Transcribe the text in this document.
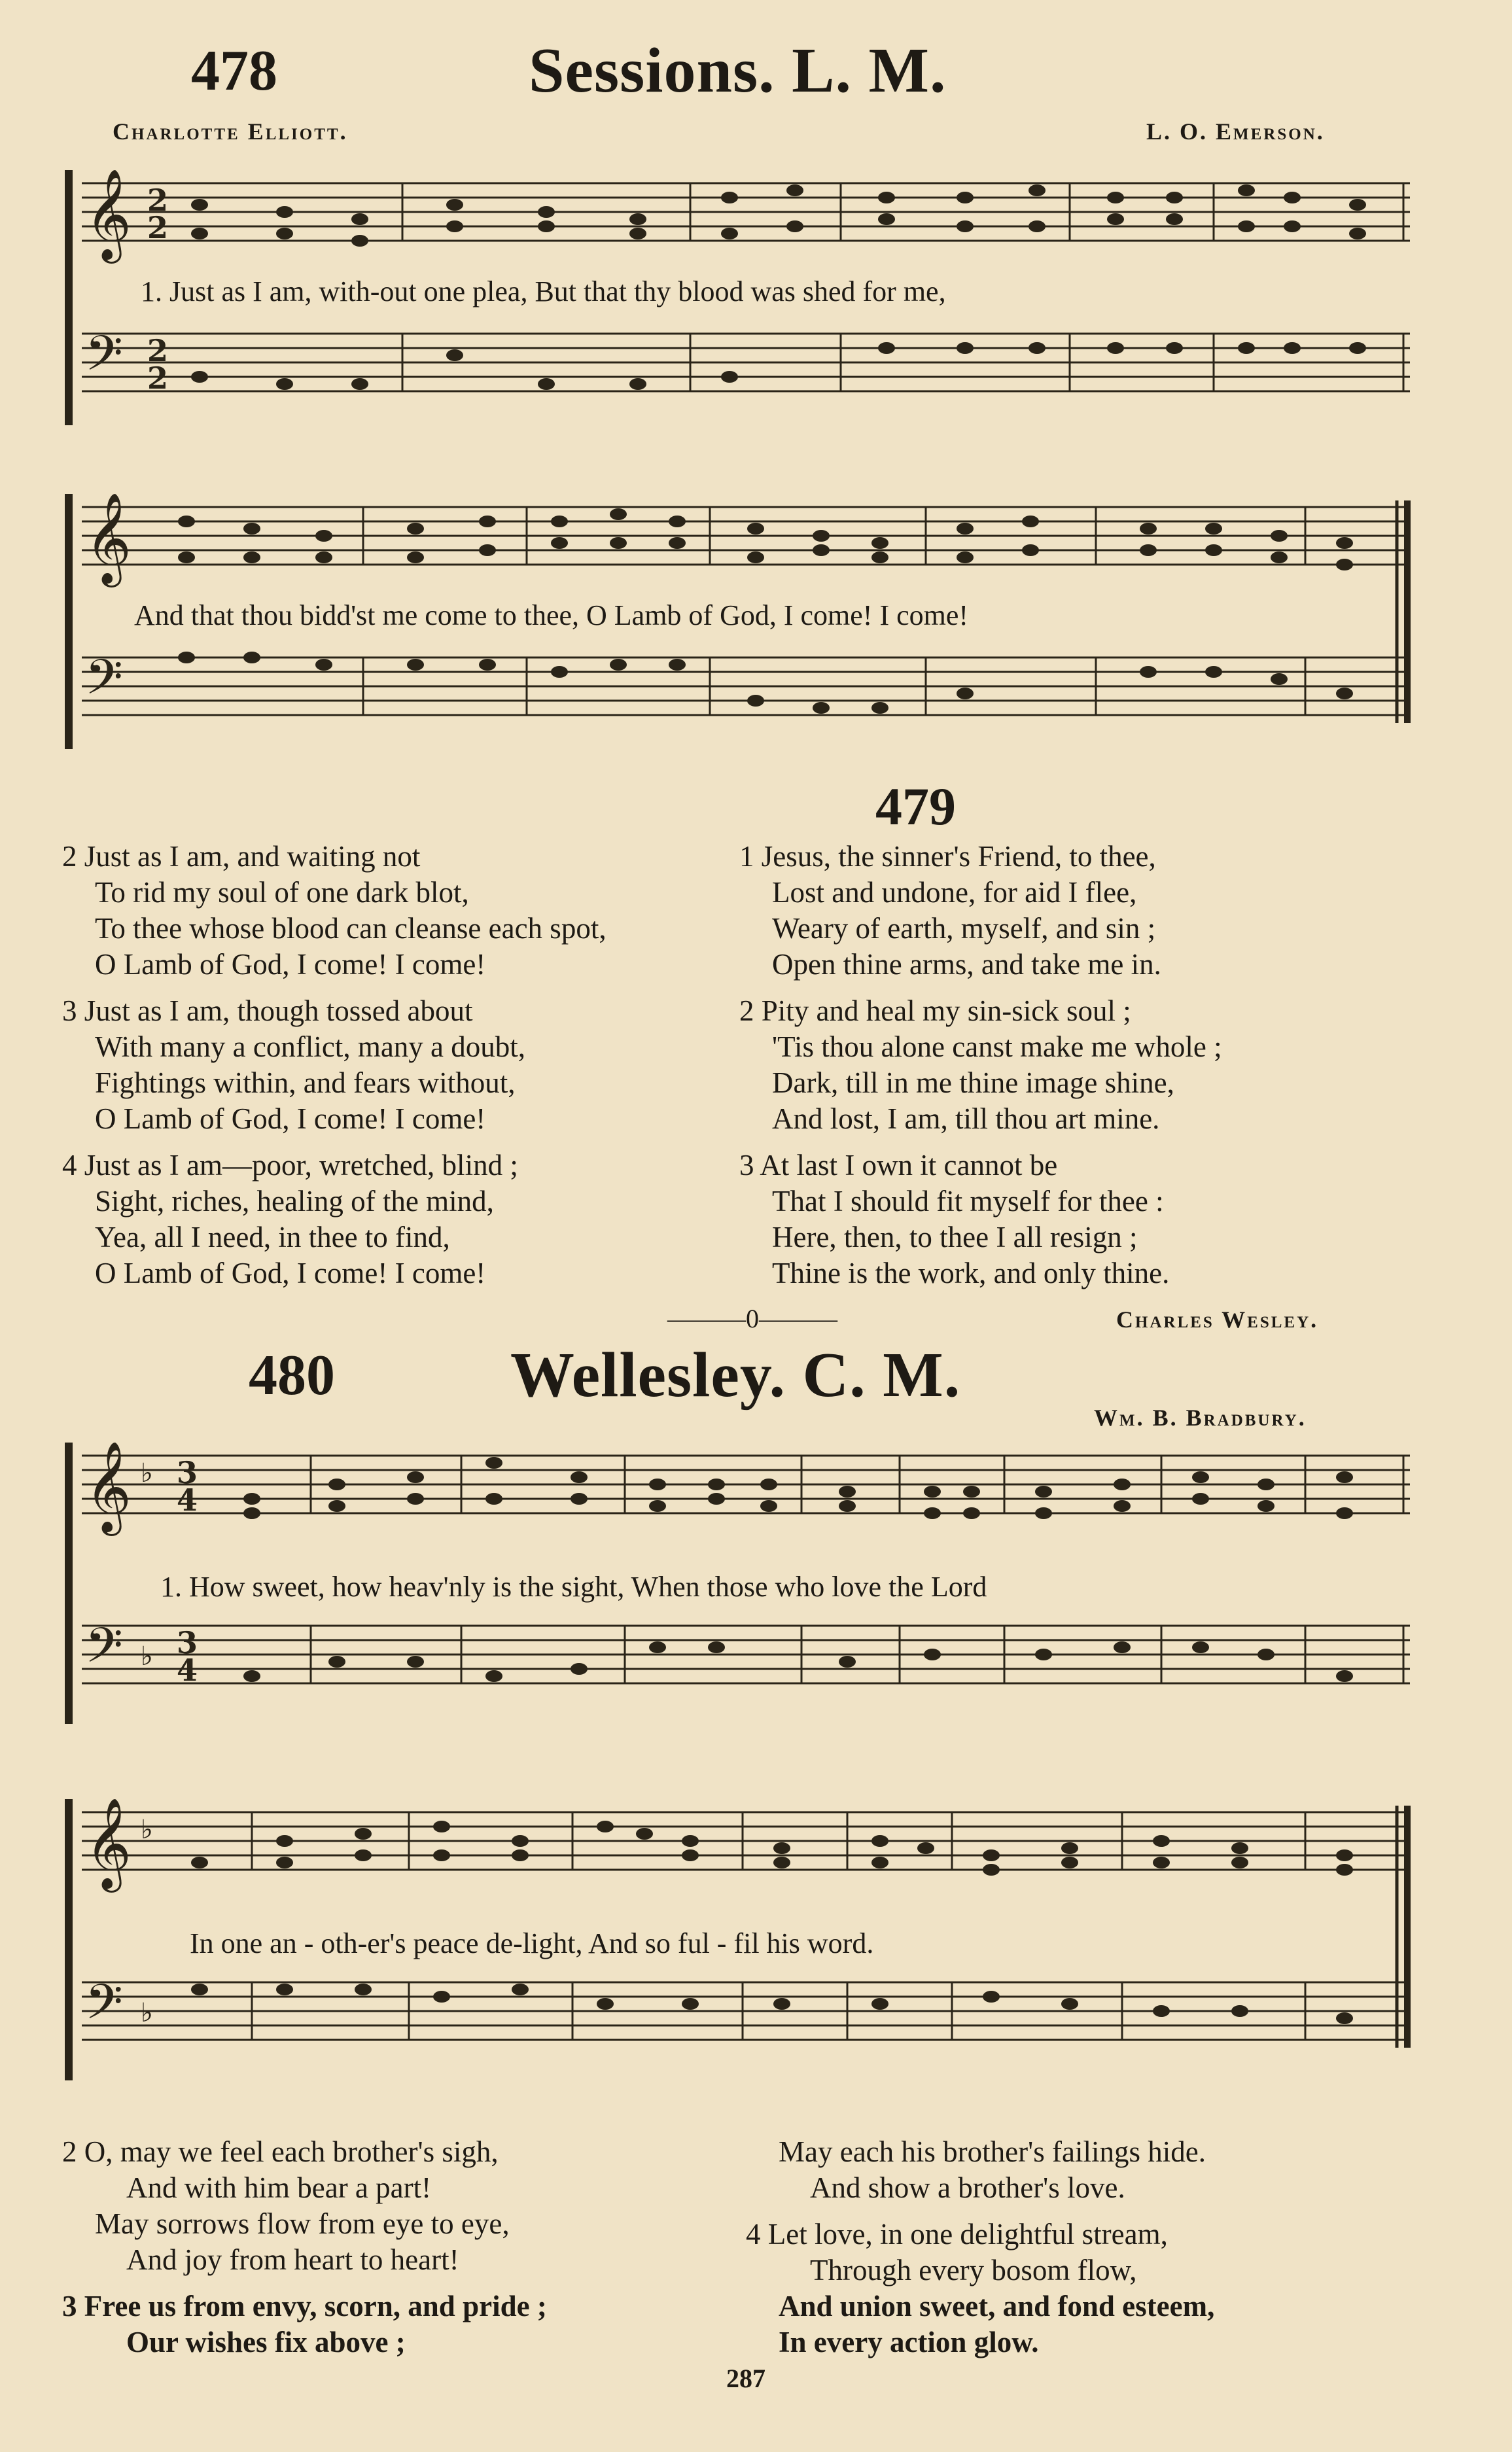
478	Sessions. L. M.
Charlotte Elliott.	L. O. Emerson.
𝄞
𝄢
2
2
2
2
1. Just as I am, with-out one plea, But that thy blood was shed for me,
𝄞
𝄢
And that thou bidd'st me come to thee, O Lamb of God, I come! I come!
479
2 Just as I am, and waiting not
To rid my soul of one dark blot,
To thee whose blood can cleanse each spot,
O Lamb of God, I come! I come!
3 Just as I am, though tossed about
With many a conflict, many a doubt,
Fightings within, and fears without,
O Lamb of God, I come! I come!
4 Just as I am—poor, wretched, blind ;
Sight, riches, healing of the mind,
Yea, all I need, in thee to find,
O Lamb of God, I come! I come!
1 Jesus, the sinner's Friend, to thee,
Lost and undone, for aid I flee,
Weary of earth, myself, and sin ;
Open thine arms, and take me in.
2 Pity and heal my sin-sick soul ;
'Tis thou alone canst make me whole ;
Dark, till in me thine image shine,
And lost, I am, till thou art mine.
3 At last I own it cannot be
That I should fit myself for thee :
Here, then, to thee I all resign ;
Thine is the work, and only thine.
———0———	Charles Wesley.
480	Wellesley. C. M.
Wm. B. Bradbury.
𝄞
𝄢
♭ 3
4
♭ 3
4
1. How sweet, how heav'nly is the sight, When those who love the Lord
𝄞
𝄢
♭
♭
In one an - oth-er's peace de-light, And so ful - fil his word.
2 O, may we feel each brother's sigh,
And with him bear a part!
May sorrows flow from eye to eye,
And joy from heart to heart!
3 Free us from envy, scorn, and pride ;
Our wishes fix above ;
May each his brother's failings hide.
And show a brother's love.
4 Let love, in one delightful stream,
Through every bosom flow,
And union sweet, and fond esteem,
In every action glow.
287
